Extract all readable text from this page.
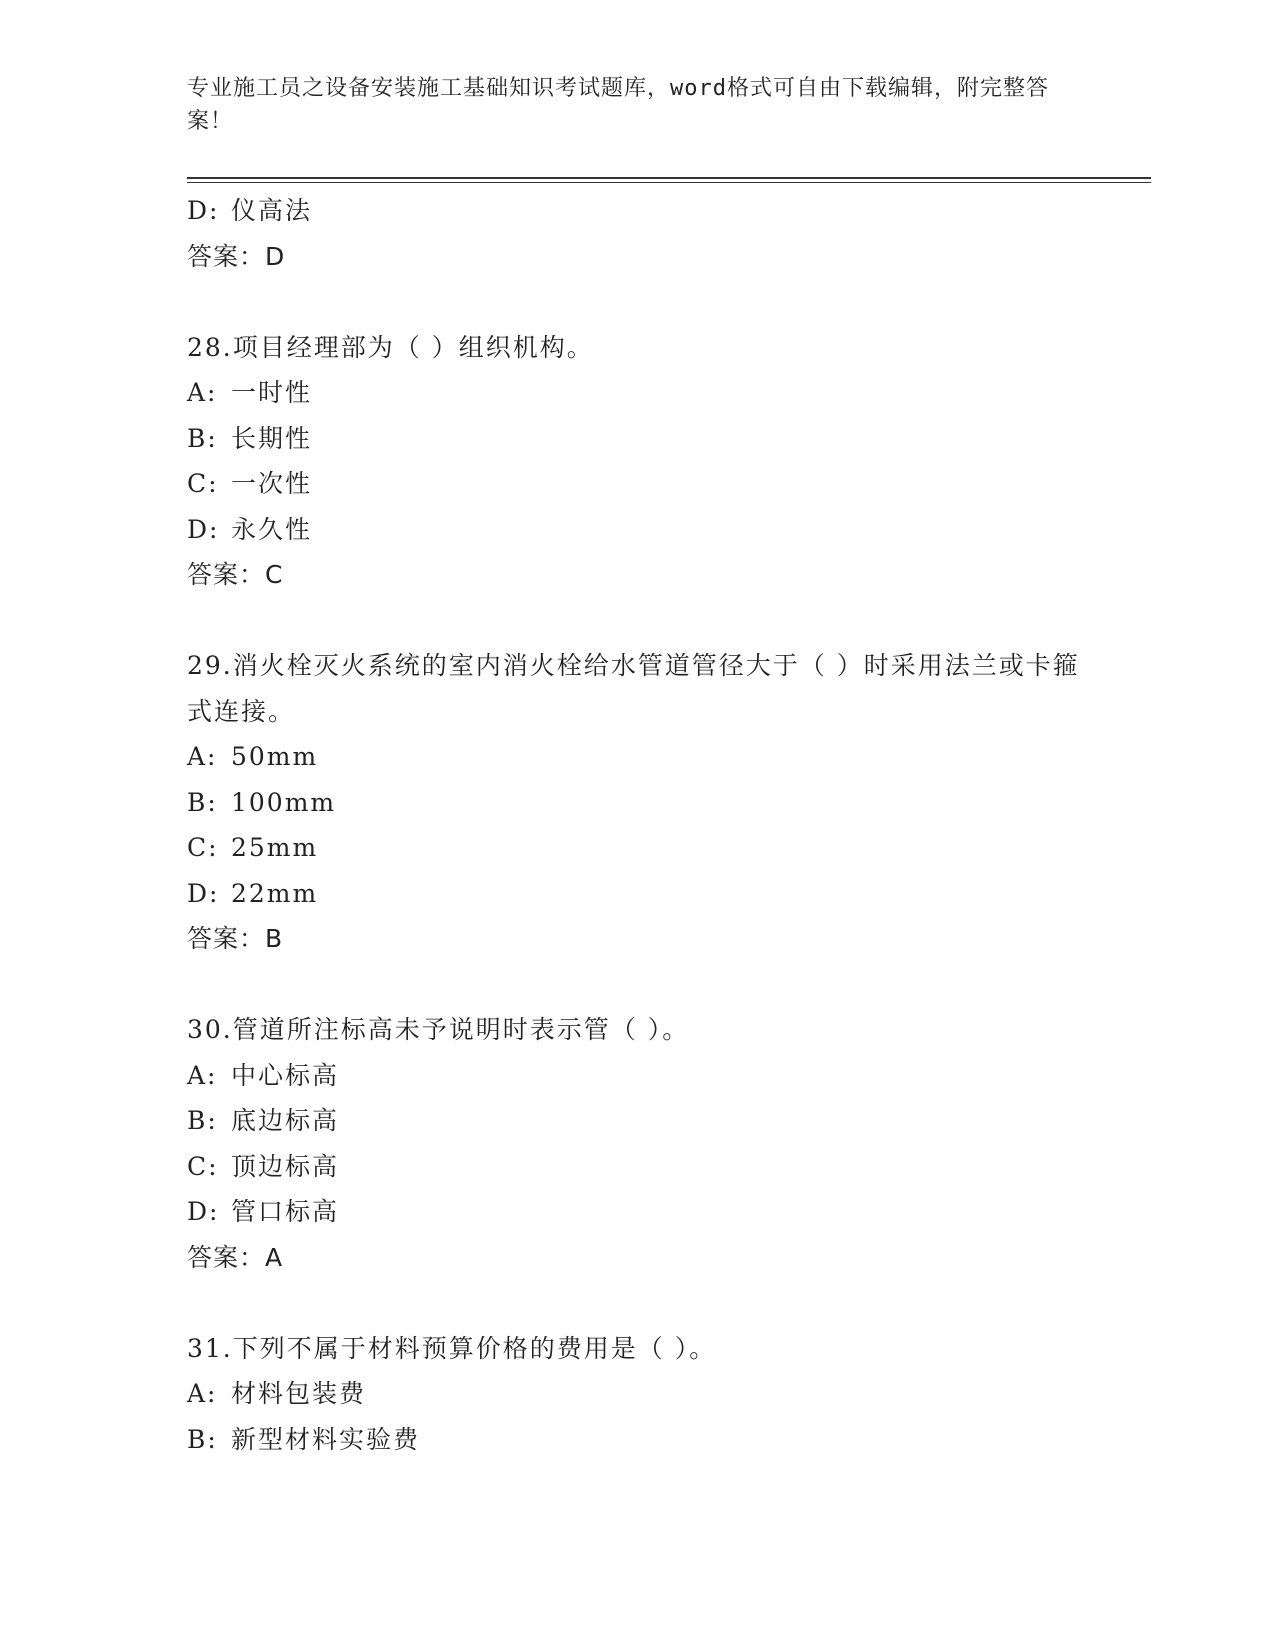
专业施工员之设备安装施工基础知识考试题库，word格式可自由下载编辑，附完整答案！
D: 仪高法
答案：D
28.项目经理部为（ ）组织机构。
A: 一时性
B: 长期性
C: 一次性
D: 永久性
答案：C
29.消火栓灭火系统的室内消火栓给水管道管径大于（ ）时采用法兰或卡箍式连接。
A: 50mm
B: 100mm
C: 25mm
D: 22mm
答案：B
30.管道所注标高未予说明时表示管（ ）。
A: 中心标高
B: 底边标高
C: 顶边标高
D: 管口标高
答案：A
31.下列不属于材料预算价格的费用是（ ）。
A: 材料包装费
B: 新型材料实验费
